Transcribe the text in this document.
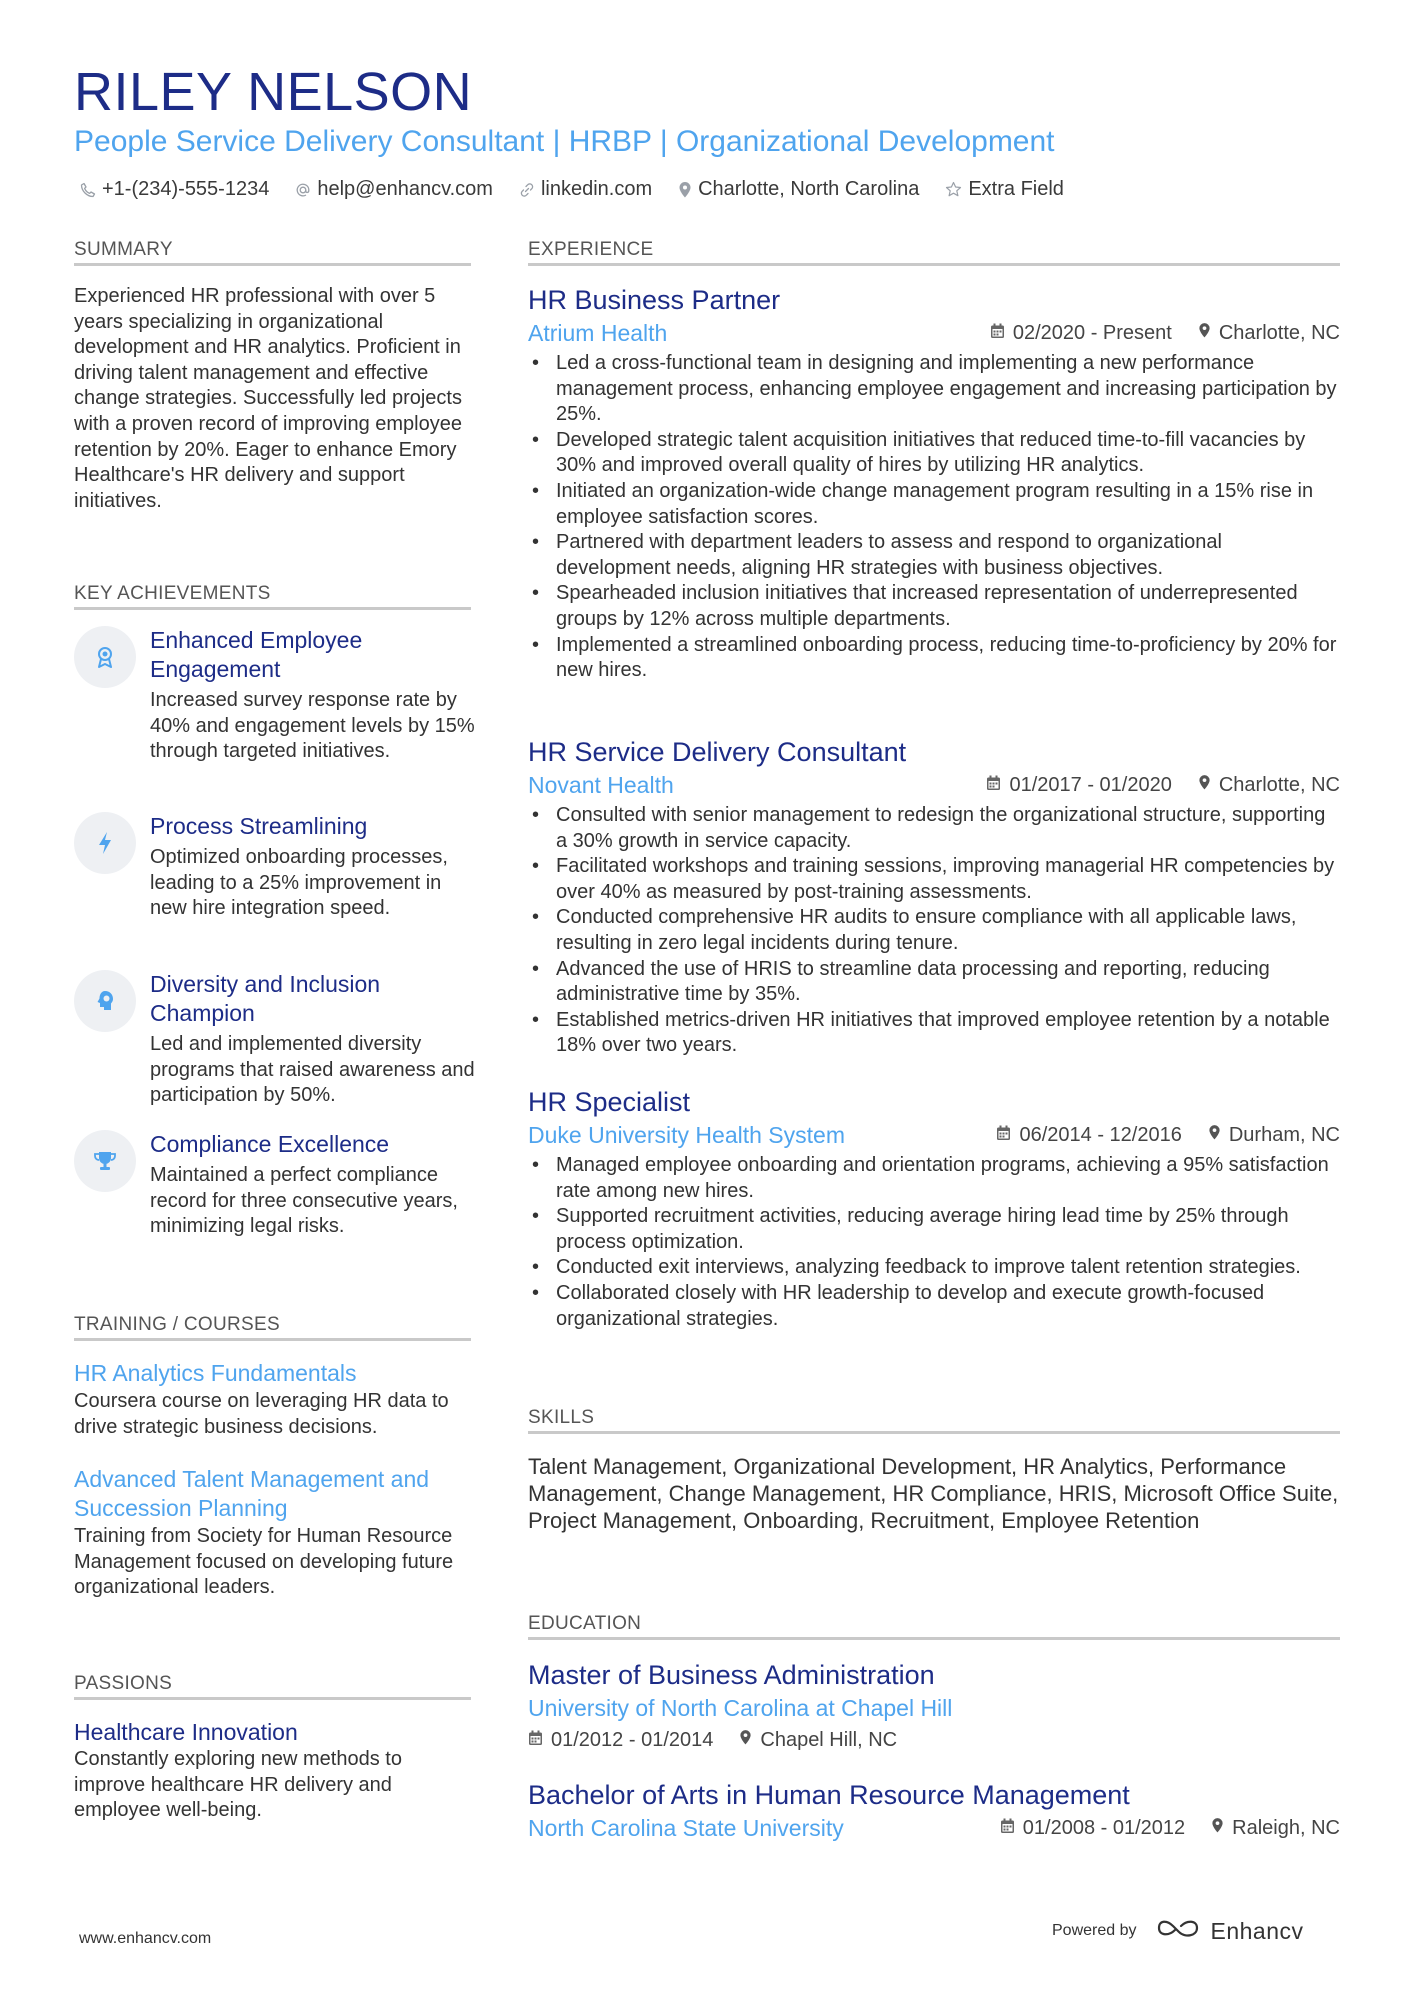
RILEY NELSON
People Service Delivery Consultant | HRBP | Organizational Development
+1-(234)-555-1234 help@enhancv.com linkedin.com Charlotte, North Carolina Extra Field
SUMMARY
Experienced HR professional with over 5 years specializing in organizational development and HR analytics. Proficient in driving talent management and effective change strategies. Successfully led projects with a proven record of improving employee retention by 20%. Eager to enhance Emory Healthcare's HR delivery and support initiatives.
KEY ACHIEVEMENTS
Enhanced Employee Engagement
Increased survey response rate by 40% and engagement levels by 15% through targeted initiatives.
Process Streamlining
Optimized onboarding processes, leading to a 25% improvement in new hire integration speed.
Diversity and Inclusion Champion
Led and implemented diversity programs that raised awareness and participation by 50%.
Compliance Excellence
Maintained a perfect compliance record for three consecutive years, minimizing legal risks.
TRAINING / COURSES
HR Analytics Fundamentals
Coursera course on leveraging HR data to drive strategic business decisions.
Advanced Talent Management and Succession Planning
Training from Society for Human Resource Management focused on developing future organizational leaders.
PASSIONS
Healthcare Innovation
Constantly exploring new methods to improve healthcare HR delivery and employee well-being.
EXPERIENCE
HR Business Partner
Atrium Health	02/2020 - Present Charlotte, NC
• Led a cross-functional team in designing and implementing a new performance management process, enhancing employee engagement and increasing participation by 25%.
• Developed strategic talent acquisition initiatives that reduced time-to-fill vacancies by 30% and improved overall quality of hires by utilizing HR analytics.
• Initiated an organization-wide change management program resulting in a 15% rise in employee satisfaction scores.
• Partnered with department leaders to assess and respond to organizational development needs, aligning HR strategies with business objectives.
• Spearheaded inclusion initiatives that increased representation of underrepresented groups by 12% across multiple departments.
• Implemented a streamlined onboarding process, reducing time-to-proficiency by 20% for new hires.
HR Service Delivery Consultant
Novant Health	01/2017 - 01/2020 Charlotte, NC
• Consulted with senior management to redesign the organizational structure, supporting a 30% growth in service capacity.
• Facilitated workshops and training sessions, improving managerial HR competencies by over 40% as measured by post-training assessments.
• Conducted comprehensive HR audits to ensure compliance with all applicable laws, resulting in zero legal incidents during tenure.
• Advanced the use of HRIS to streamline data processing and reporting, reducing administrative time by 35%.
• Established metrics-driven HR initiatives that improved employee retention by a notable 18% over two years.
HR Specialist
Duke University Health System	06/2014 - 12/2016 Durham, NC
• Managed employee onboarding and orientation programs, achieving a 95% satisfaction rate among new hires.
• Supported recruitment activities, reducing average hiring lead time by 25% through process optimization.
• Conducted exit interviews, analyzing feedback to improve talent retention strategies.
• Collaborated closely with HR leadership to develop and execute growth-focused organizational strategies.
SKILLS
Talent Management, Organizational Development, HR Analytics, Performance Management, Change Management, HR Compliance, HRIS, Microsoft Office Suite, Project Management, Onboarding, Recruitment, Employee Retention
EDUCATION
Master of Business Administration
University of North Carolina at Chapel Hill
01/2012 - 01/2014 Chapel Hill, NC
Bachelor of Arts in Human Resource Management
North Carolina State University	01/2008 - 01/2012 Raleigh, NC
www.enhancv.com	Powered by	Enhancv
